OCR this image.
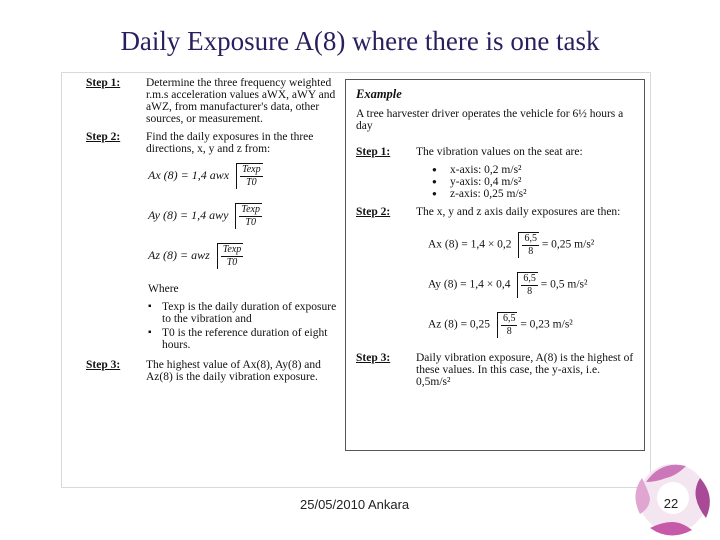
Daily Exposure A(8) where there is one task
Step 1:	Determine the three frequency weighted r.m.s acceleration values aWX, aWY and aWZ, from manufacturer's data, other sources, or measurement.
Step 2:	Find the daily exposures in the three directions, x, y and z from:
Ax (8) = 1,4 awx $\frac{Texp}{T0}$
Ay (8) = 1,4 awy $\frac{Texp}{T0}$
Az (8) = awz $\frac{Texp}{T0}$
Where
▪ Texp is the daily duration of exposure to the vibration and
▪ T0 is the reference duration of eight hours.
Step 3:	The highest value of Ax(8), Ay(8) and Az(8) is the daily vibration exposure.
Example
A tree harvester driver operates the vehicle for 6½ hours a day
Step 1:	The vibration values on the seat are:
● x-axis: 0,2 m/s²
● y-axis: 0,4 m/s²
● z-axis: 0,25 m/s²
Step 2:	The x, y and z axis daily exposures are then:
Ax $(8) = 1,4 \times 0,2 \frac{6,5}{8} = 0,25$ m/s²
Ay $(8) = 1,4 \times 0,4 \frac{6,5}{8} = 0,5$ m/s²
Az $(8) = 0,25 \frac{6,5}{8} = 0,23$ m/s²
Step 3:	Daily vibration exposure, A(8) is the highest of these values. In this case, the y-axis, i.e. 0,5m/s²
25/05/2010 Ankara	22
